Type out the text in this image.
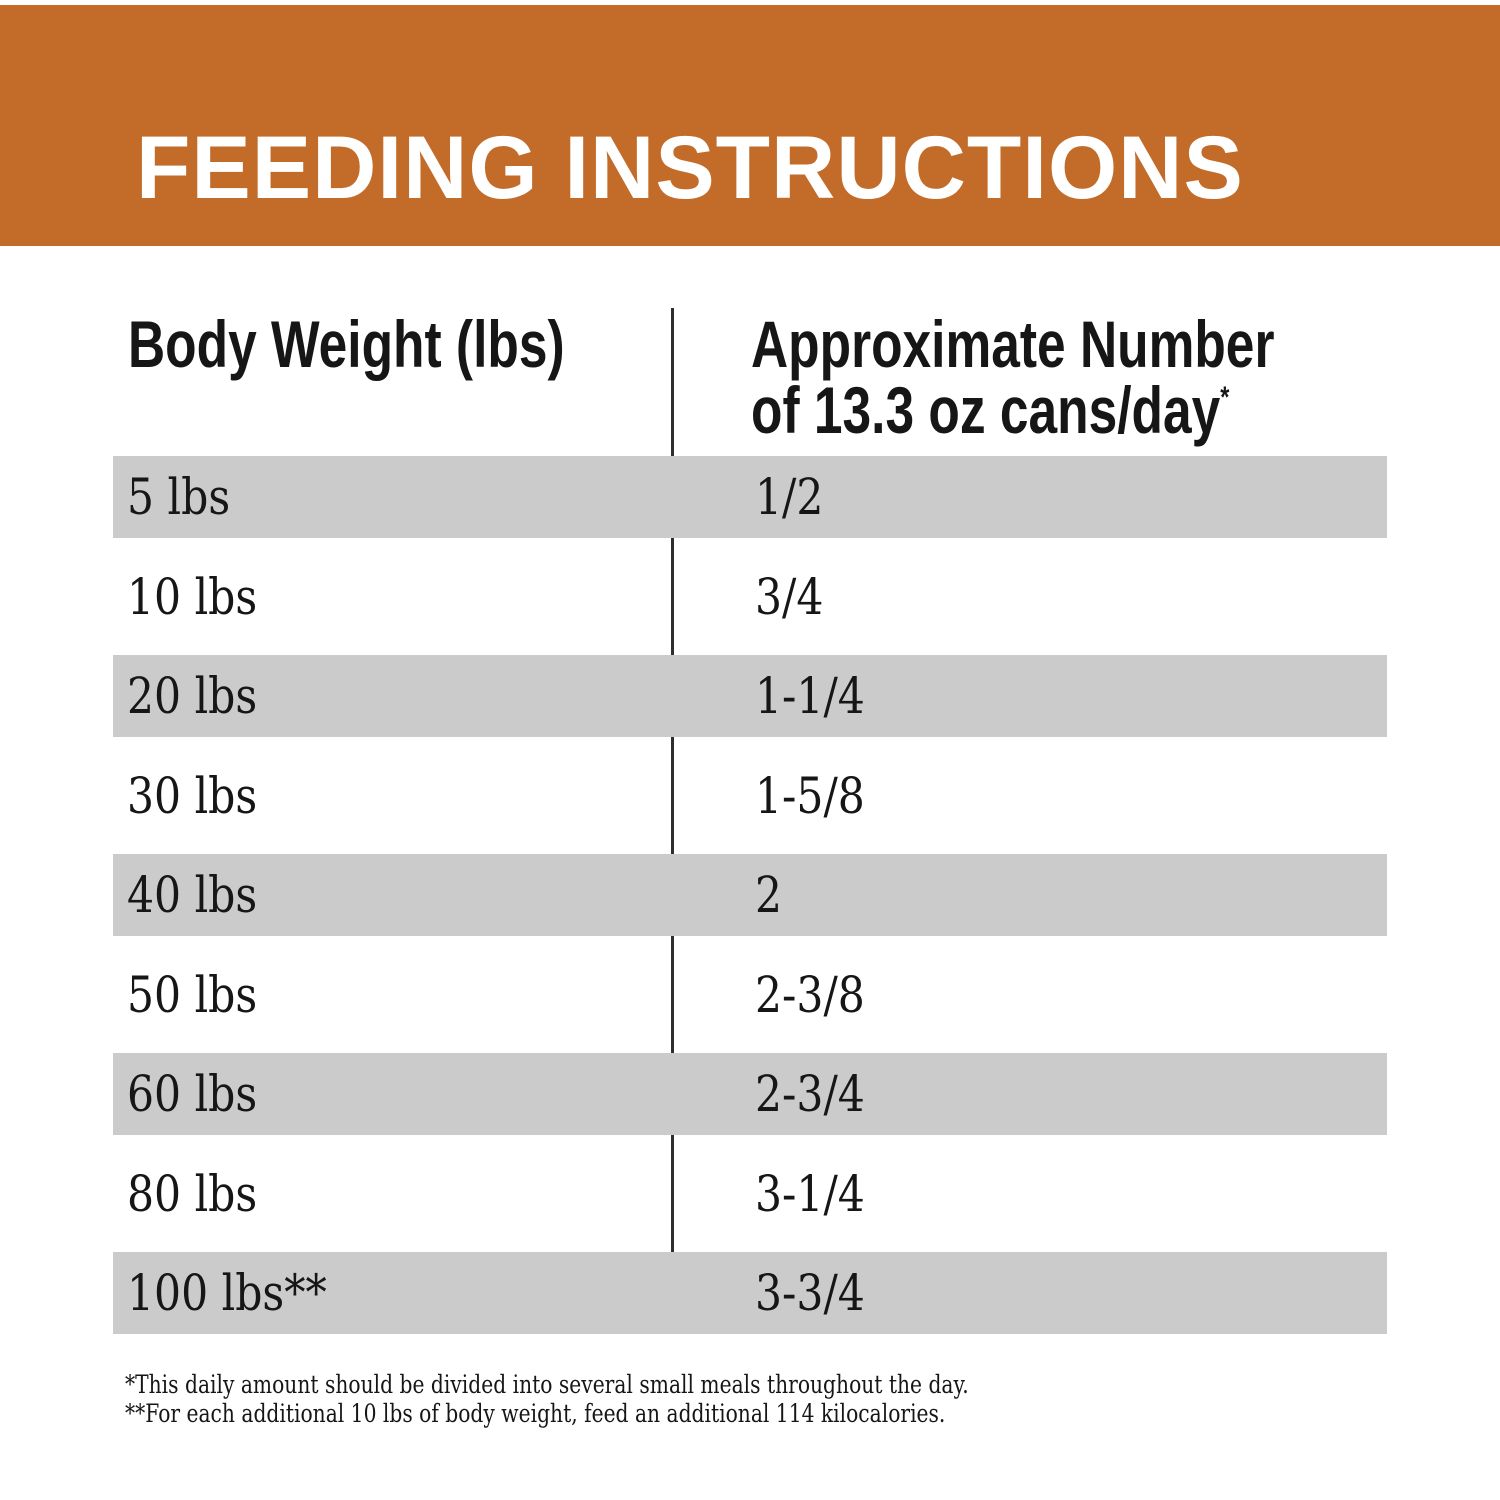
FEEDING INSTRUCTIONS
Body Weight (lbs)	Approximate Number
of 13.3 oz cans/day*
5 lbs	1/2
10 lbs	3/4
20 lbs	1-1/4
30 lbs	1-5/8
40 lbs	2
50 lbs	2-3/8
60 lbs	2-3/4
80 lbs	3-1/4
100 lbs**	3-3/4

*This daily amount should be divided into several small meals throughout the day.

**For each additional 10 lbs of body weight, feed an additional 114 kilocalories.
